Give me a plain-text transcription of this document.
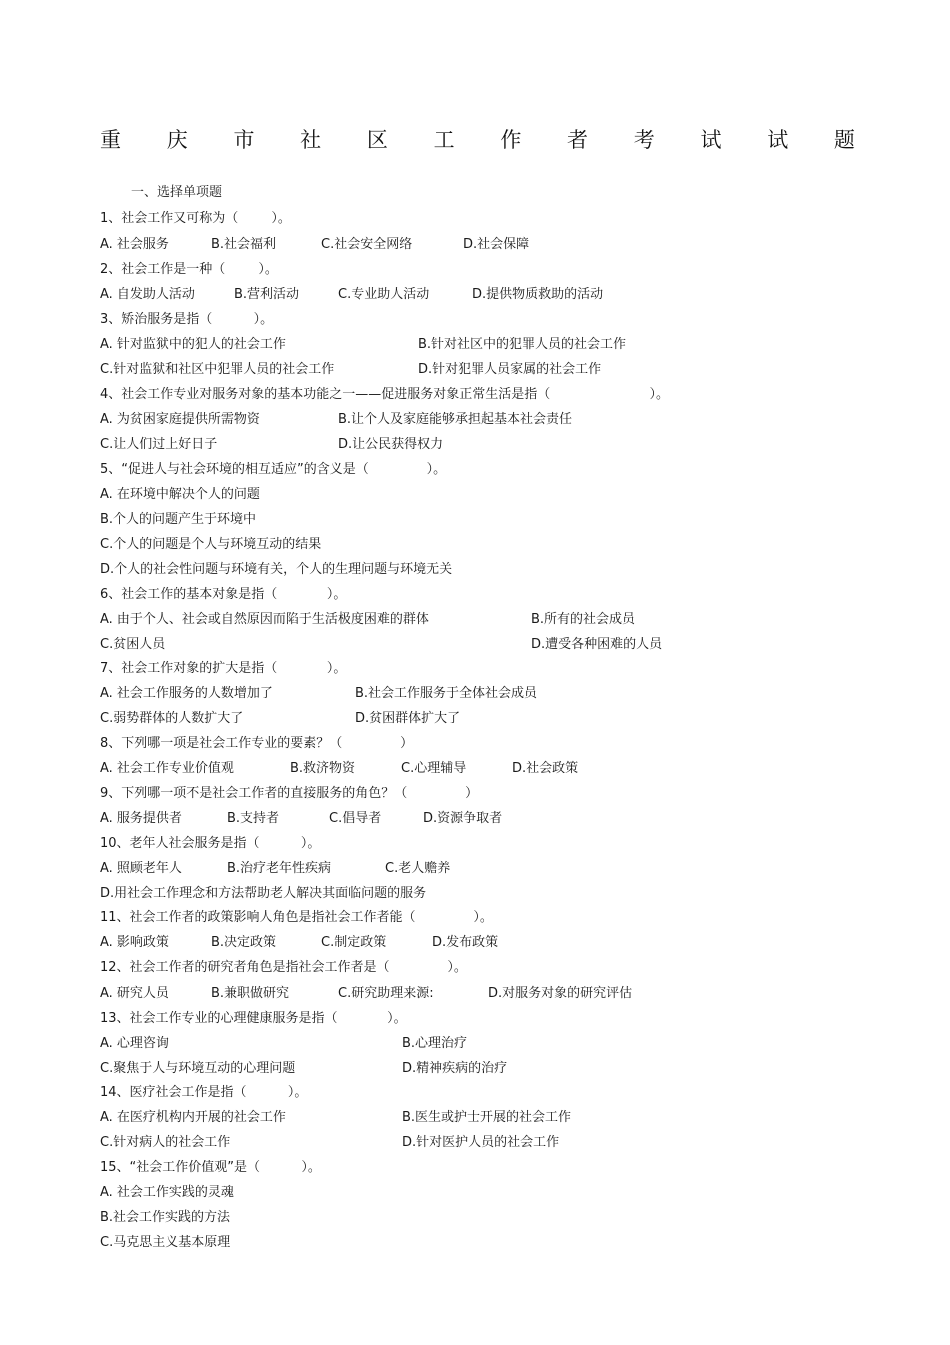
重 庆 市 社 区 工 作 者 考 试 试 题
一、选择单项题
1、社会工作又可称为（        ）。

A. 社会服务

	B.社会福利

	C.社会安全网络

	D.社会保障

2、社会工作是一种（        ）。

A. 自发助人活动

	B.营利活动

	C.专业助人活动

	D.提供物质救助的活动

3、矫治服务是指（          ）。

A. 针对监狱中的犯人的社会工作

	B.针对社区中的犯罪人员的社会工作

C.针对监狱和社区中犯罪人员的社会工作

	D.针对犯罪人员家属的社会工作

4、社会工作专业对服务对象的基本功能之一——促进服务对象正常生活是指（                        ）。

A. 为贫困家庭提供所需物资

	B.让个人及家庭能够承担起基本社会责任

C.让人们过上好日子

	D.让公民获得权力

5、“促进人与社会环境的相互适应”的含义是（              ）。
A. 在环境中解决个人的问题
B.个人的问题产生于环境中
C.个人的问题是个人与环境互动的结果
D.个人的社会性问题与环境有关，个人的生理问题与环境无关
6、社会工作的基本对象是指（            ）。

A. 由于个人、社会或自然原因而陷于生活极度困难的群体

	B.所有的社会成员

C.贫困人员

	D.遭受各种困难的人员

7、社会工作对象的扩大是指（            ）。

A. 社会工作服务的人数增加了

	B.社会工作服务于全体社会成员

C.弱势群体的人数扩大了

	D.贫困群体扩大了

8、下列哪一项是社会工作专业的要素？（              ）

A. 社会工作专业价值观

	B.救济物资

	C.心理辅导

	D.社会政策

9、下列哪一项不是社会工作者的直接服务的角色？（              ）

A. 服务提供者

	B.支持者

	C.倡导者

	D.资源争取者

10、老年人社会服务是指（          ）。

A. 照顾老年人

	B.治疗老年性疾病

	C.老人赡养

D.用社会工作理念和方法帮助老人解决其面临问题的服务
11、社会工作者的政策影响人角色是指社会工作者能（              ）。

A. 影响政策

	B.决定政策

	C.制定政策

	D.发布政策

12、社会工作者的研究者角色是指社会工作者是（              ）。

A. 研究人员

	B.兼职做研究

	C.研究助理来源:

	D.对服务对象的研究评估

13、社会工作专业的心理健康服务是指（            ）。

A. 心理咨询

	B.心理治疗

C.聚焦于人与环境互动的心理问题

	D.精神疾病的治疗

14、医疗社会工作是指（          ）。

A. 在医疗机构内开展的社会工作

	B.医生或护士开展的社会工作

C.针对病人的社会工作

	D.针对医护人员的社会工作

15、“社会工作价值观”是（          ）。
A. 社会工作实践的灵魂
B.社会工作实践的方法
C.马克思主义基本原理
